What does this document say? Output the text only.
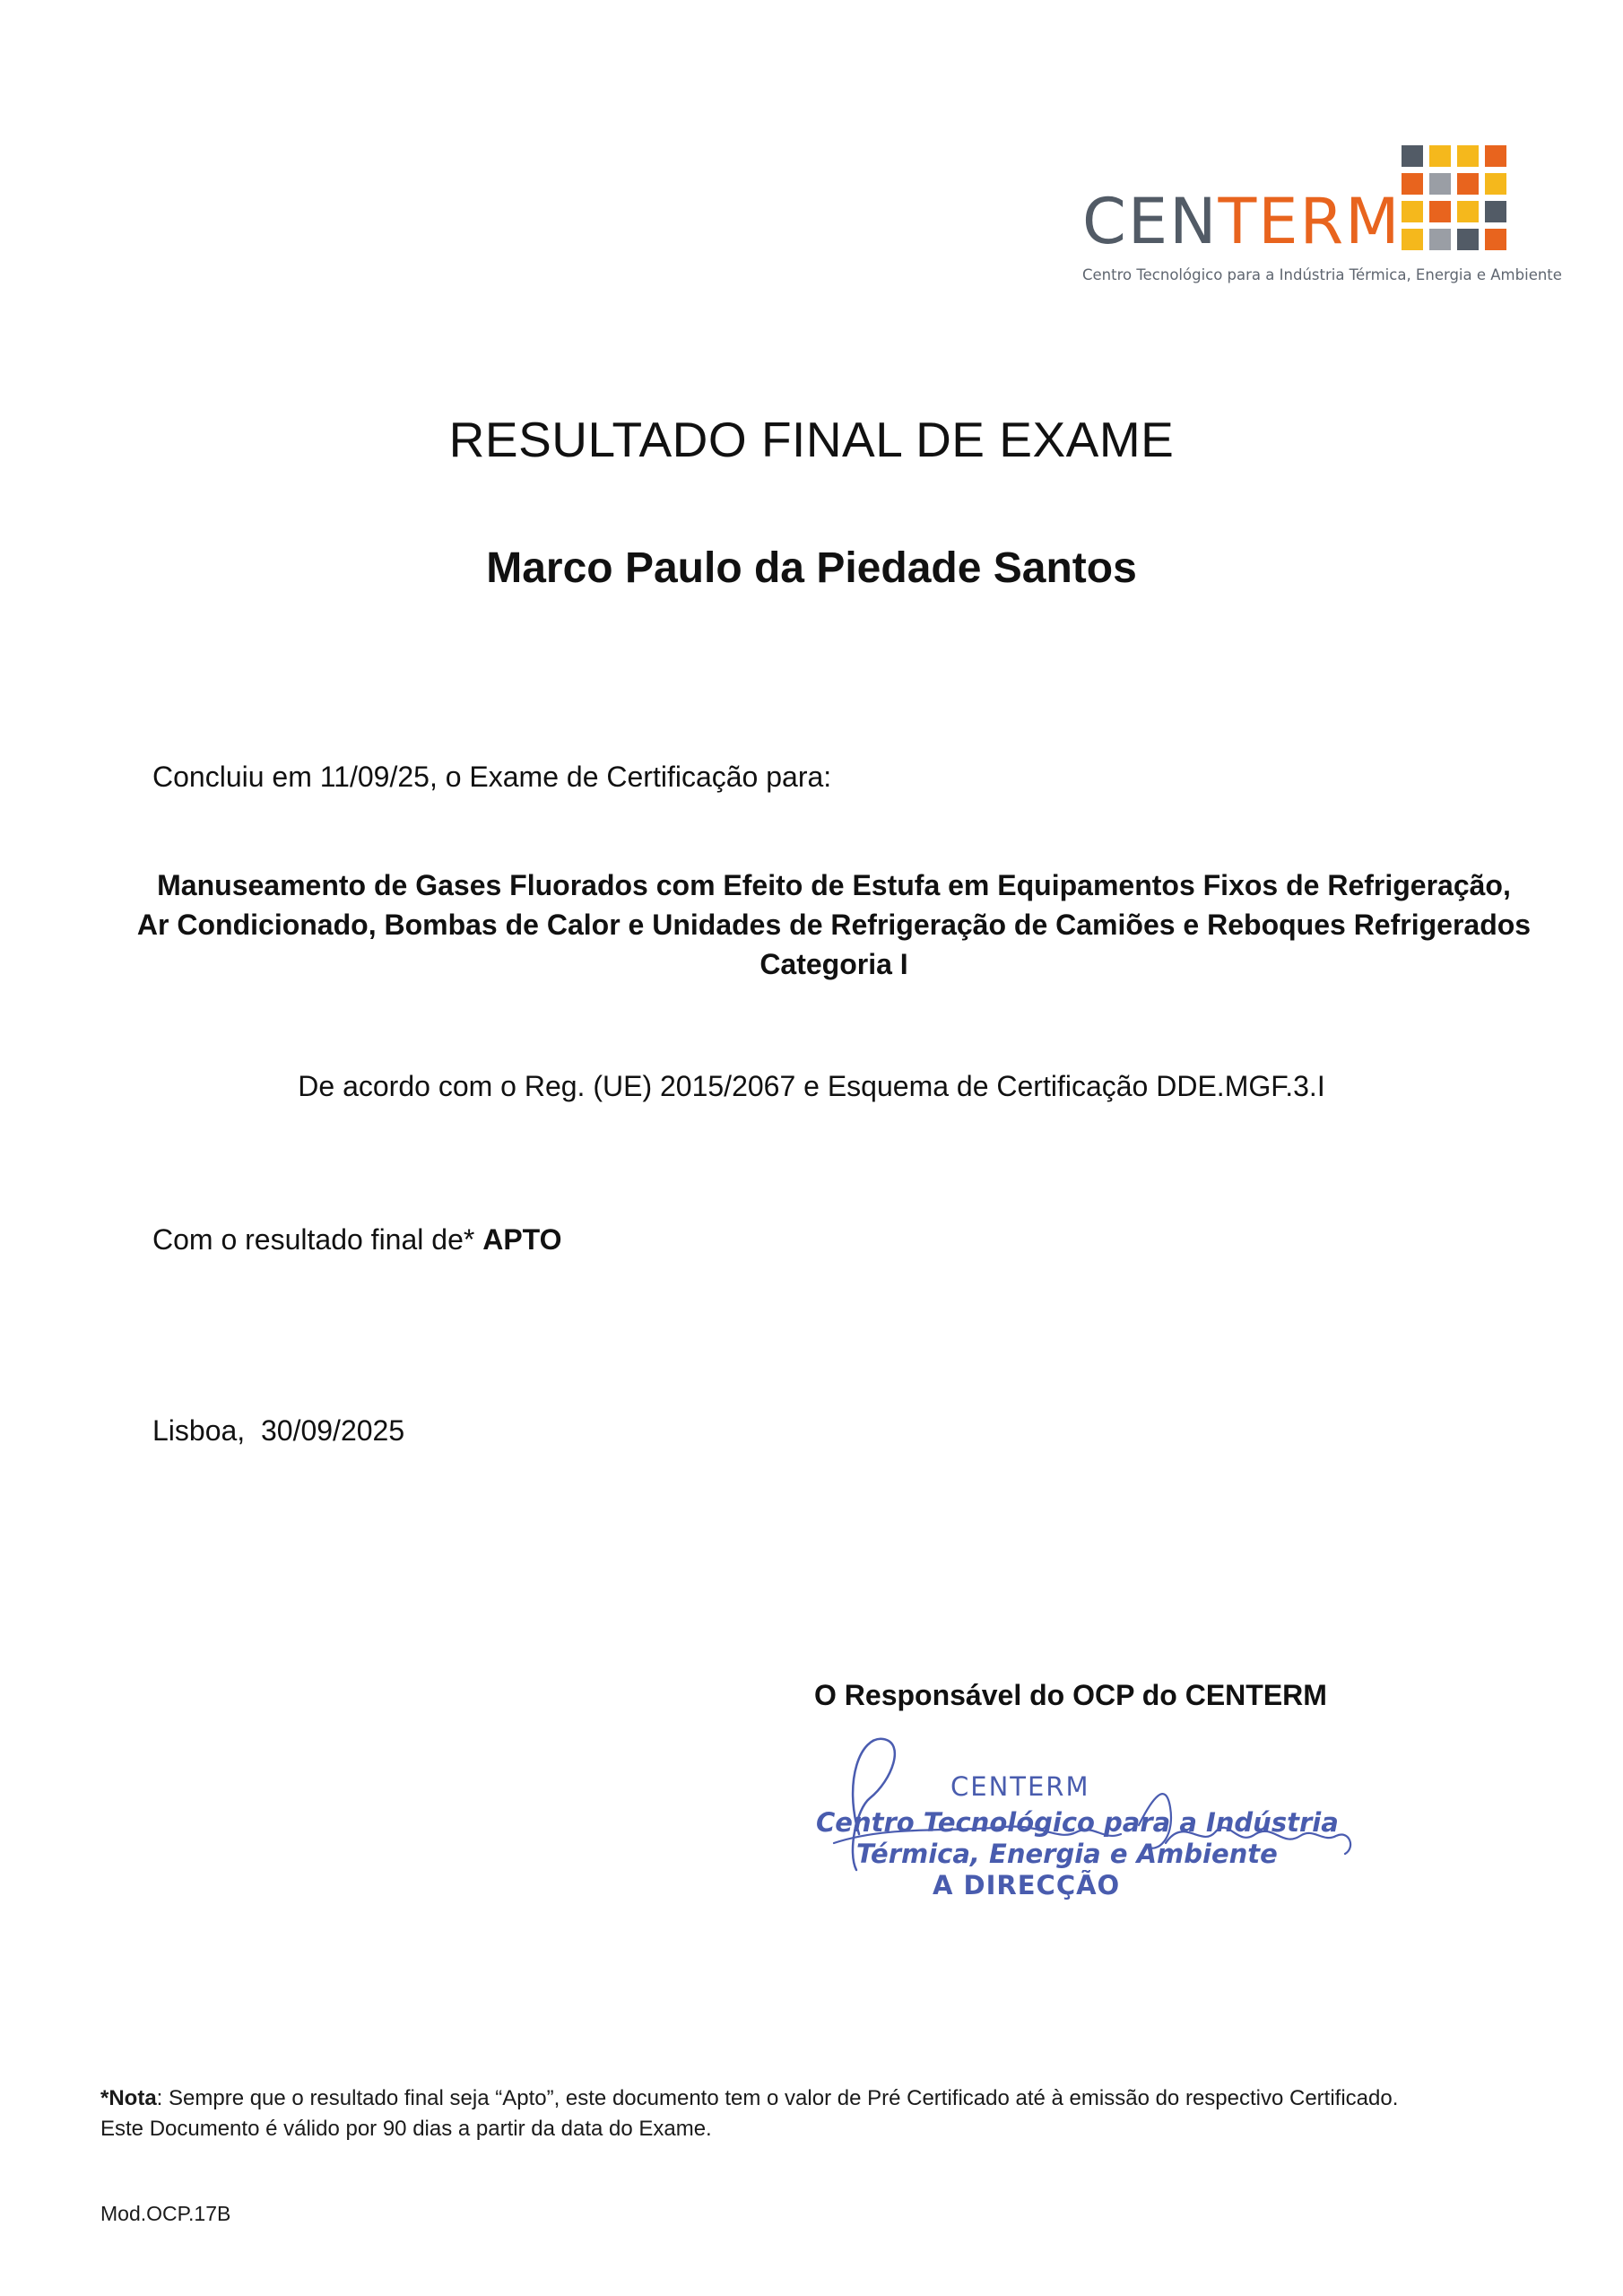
CENTERM
Centro Tecnológico para a Indústria Térmica, Energia e Ambiente
RESULTADO FINAL DE EXAME
Marco Paulo da Piedade Santos
Concluiu em 11/09/25, o Exame de Certificação para:
Manuseamento de Gases Fluorados com Efeito de Estufa em Equipamentos Fixos de Refrigeração,
Ar Condicionado, Bombas de Calor e Unidades de Refrigeração de Camiões e Reboques Refrigerados
Categoria I
De acordo com o Reg. (UE) 2015/2067 e Esquema de Certificação DDE.MGF.3.I
Com o resultado final de* APTO
Lisboa,  30/09/2025
O Responsável do OCP do CENTERM
CENTERM
Centro Tecnológico para a Indústria
Térmica, Energia e Ambiente
A DIRECÇÃO
*Nota: Sempre que o resultado final seja “Apto”, este documento tem o valor de Pré Certificado até à emissão do respectivo Certificado.
Este Documento é válido por 90 dias a partir da data do Exame.
Mod.OCP.17B
